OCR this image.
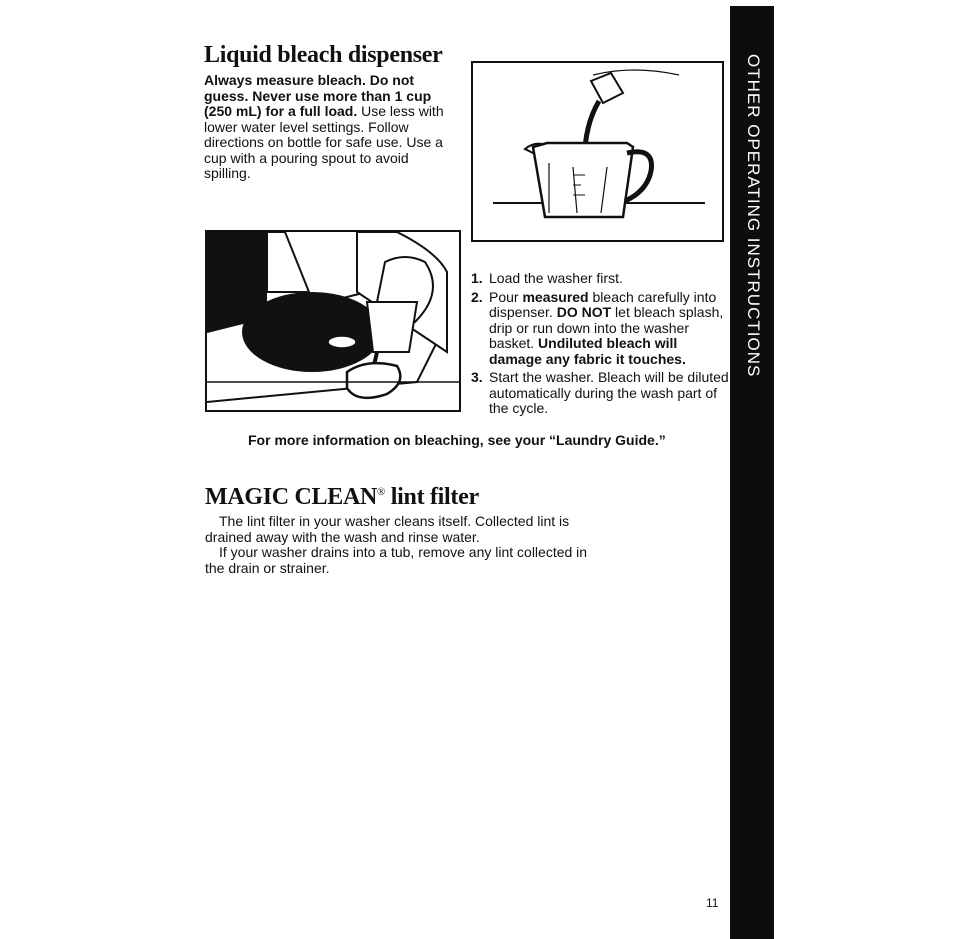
OTHER OPERATING INSTRUCTIONS
Liquid bleach dispenser
Always measure bleach. Do not guess. Never use more than 1 cup (250 mL) for a full load. Use less with lower water level settings. Follow directions on bottle for safe use. Use a cup with a pouring spout to avoid spilling.
1. Load the washer first.
2. Pour measured bleach carefully into dispenser. DO NOT let bleach splash, drip or run down into the washer basket. Undiluted bleach will damage any fabric it touches.
3. Start the washer. Bleach will be diluted automatically during the wash part of the cycle.
For more information on bleaching, see your “Laundry Guide.”
MAGIC CLEAN® lint filter
The lint filter in your washer cleans itself. Collected lint is drained away with the wash and rinse water.
If your washer drains into a tub, remove any lint collected in the drain or strainer.
11
